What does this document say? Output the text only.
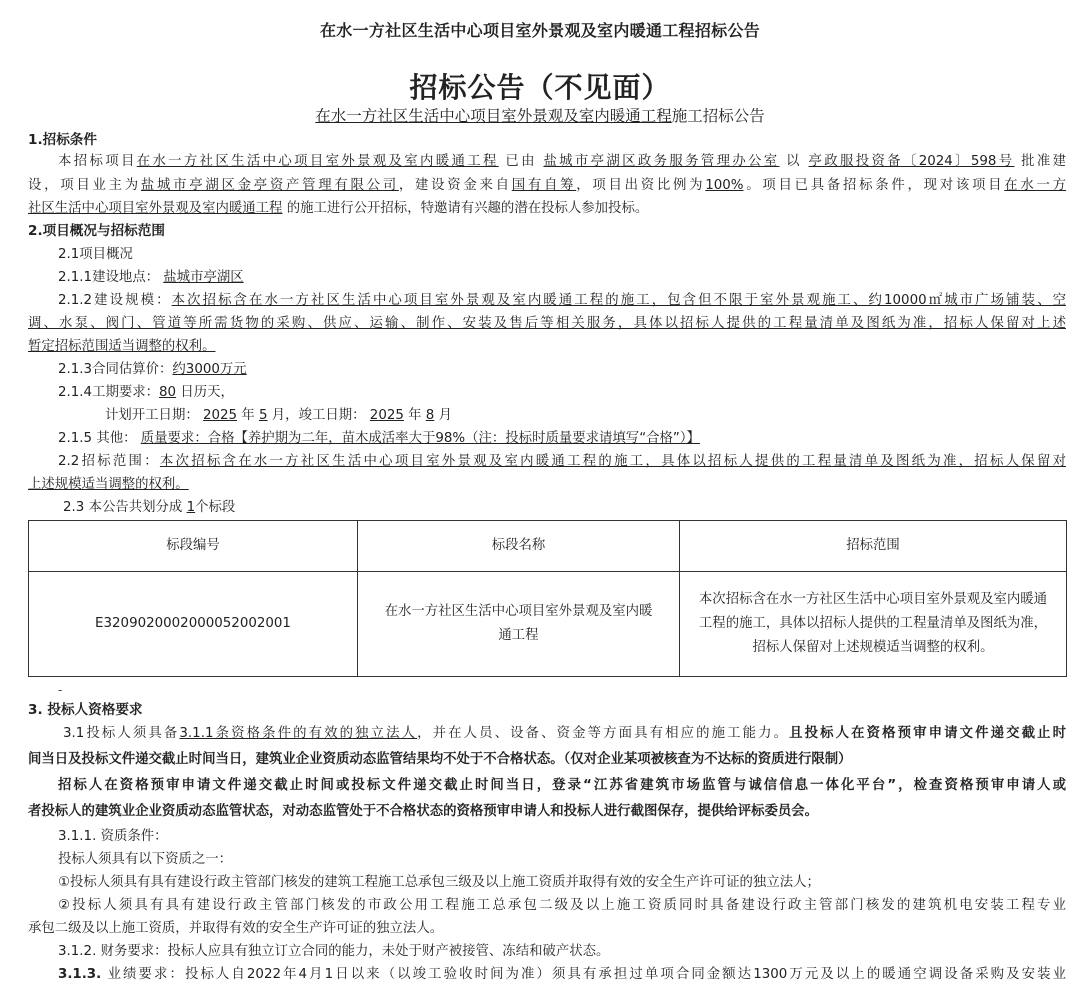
在水一方社区生活中心项目室外景观及室内暖通工程招标公告
招标公告（不见面）
在水一方社区生活中心项目室外景观及室内暖通工程施工招标公告
1.招标条件
本招标项目在水一方社区生活中心项目室外景观及室内暖通工程 已由 盐城市亭湖区政务服务管理办公室 以 亭政服投资备〔2024〕598号 批准建
设，项目业主为盐城市亭湖区金亭资产管理有限公司，建设资金来自国有自筹，项目出资比例为100%。项目已具备招标条件，现对该项目在水一方
社区生活中心项目室外景观及室内暖通工程 的施工进行公开招标，特邀请有兴趣的潜在投标人参加投标。
2.项目概况与招标范围
2.1项目概况
2.1.1建设地点： 盐城市亭湖区
2.1.2建设规模：本次招标含在水一方社区生活中心项目室外景观及室内暖通工程的施工，包含但不限于室外景观施工、约10000㎡城市广场铺装、空
调、水泵、阀门、管道等所需货物的采购、供应、运输、制作、安装及售后等相关服务，具体以招标人提供的工程量清单及图纸为准，招标人保留对上述
暂定招标范围适当调整的权利。
2.1.3合同估算价：约3000万元
2.1.4工期要求：80 日历天，
计划开工日期： 2025 年 5 月，竣工日期： 2025 年 8 月
2.1.5 其他： 质量要求：合格【养护期为二年，苗木成活率大于98%（注：投标时质量要求请填写“合格”）】
2.2招标范围：本次招标含在水一方社区生活中心项目室外景观及室内暖通工程的施工，具体以招标人提供的工程量清单及图纸为准，招标人保留对
上述规模适当调整的权利。
2.3 本公告共划分成 1个标段
标段编号	标段名称	招标范围
E3209020002000052002001	在水一方社区生活中心项目室外景观及室内暖通工程	本次招标含在水一方社区生活中心项目室外景观及室内暖通工程的施工，具体以招标人提供的工程量清单及图纸为准，招标人保留对上述规模适当调整的权利。
-
3. 投标人资格要求
3.1投标人须具备3.1.1条资格条件的有效的独立法人，并在人员、设备、资金等方面具有相应的施工能力。且投标人在资格预审申请文件递交截止时
间当日及投标文件递交截止时间当日，建筑业企业资质动态监管结果均不处于不合格状态。（仅对企业某项被核查为不达标的资质进行限制）
招标人在资格预审申请文件递交截止时间或投标文件递交截止时间当日，登录“江苏省建筑市场监管与诚信信息一体化平台”，检查资格预审申请人或
者投标人的建筑业企业资质动态监管状态，对动态监管处于不合格状态的资格预审申请人和投标人进行截图保存，提供给评标委员会。
3.1.1. 资质条件：
投标人须具有以下资质之一：
①投标人须具有具有建设行政主管部门核发的建筑工程施工总承包三级及以上施工资质并取得有效的安全生产许可证的独立法人；
②投标人须具有具有建设行政主管部门核发的市政公用工程施工总承包二级及以上施工资质同时具备建设行政主管部门核发的建筑机电安装工程专业
承包二级及以上施工资质，并取得有效的安全生产许可证的独立法人。
3.1.2. 财务要求：投标人应具有独立订立合同的能力，未处于财产被接管、冻结和破产状态。
3.1.3. 业绩要求：投标人自2022年4月1日以来（以竣工验收时间为准）须具有承担过单项合同金额达1300万元及以上的暖通空调设备采购及安装业
